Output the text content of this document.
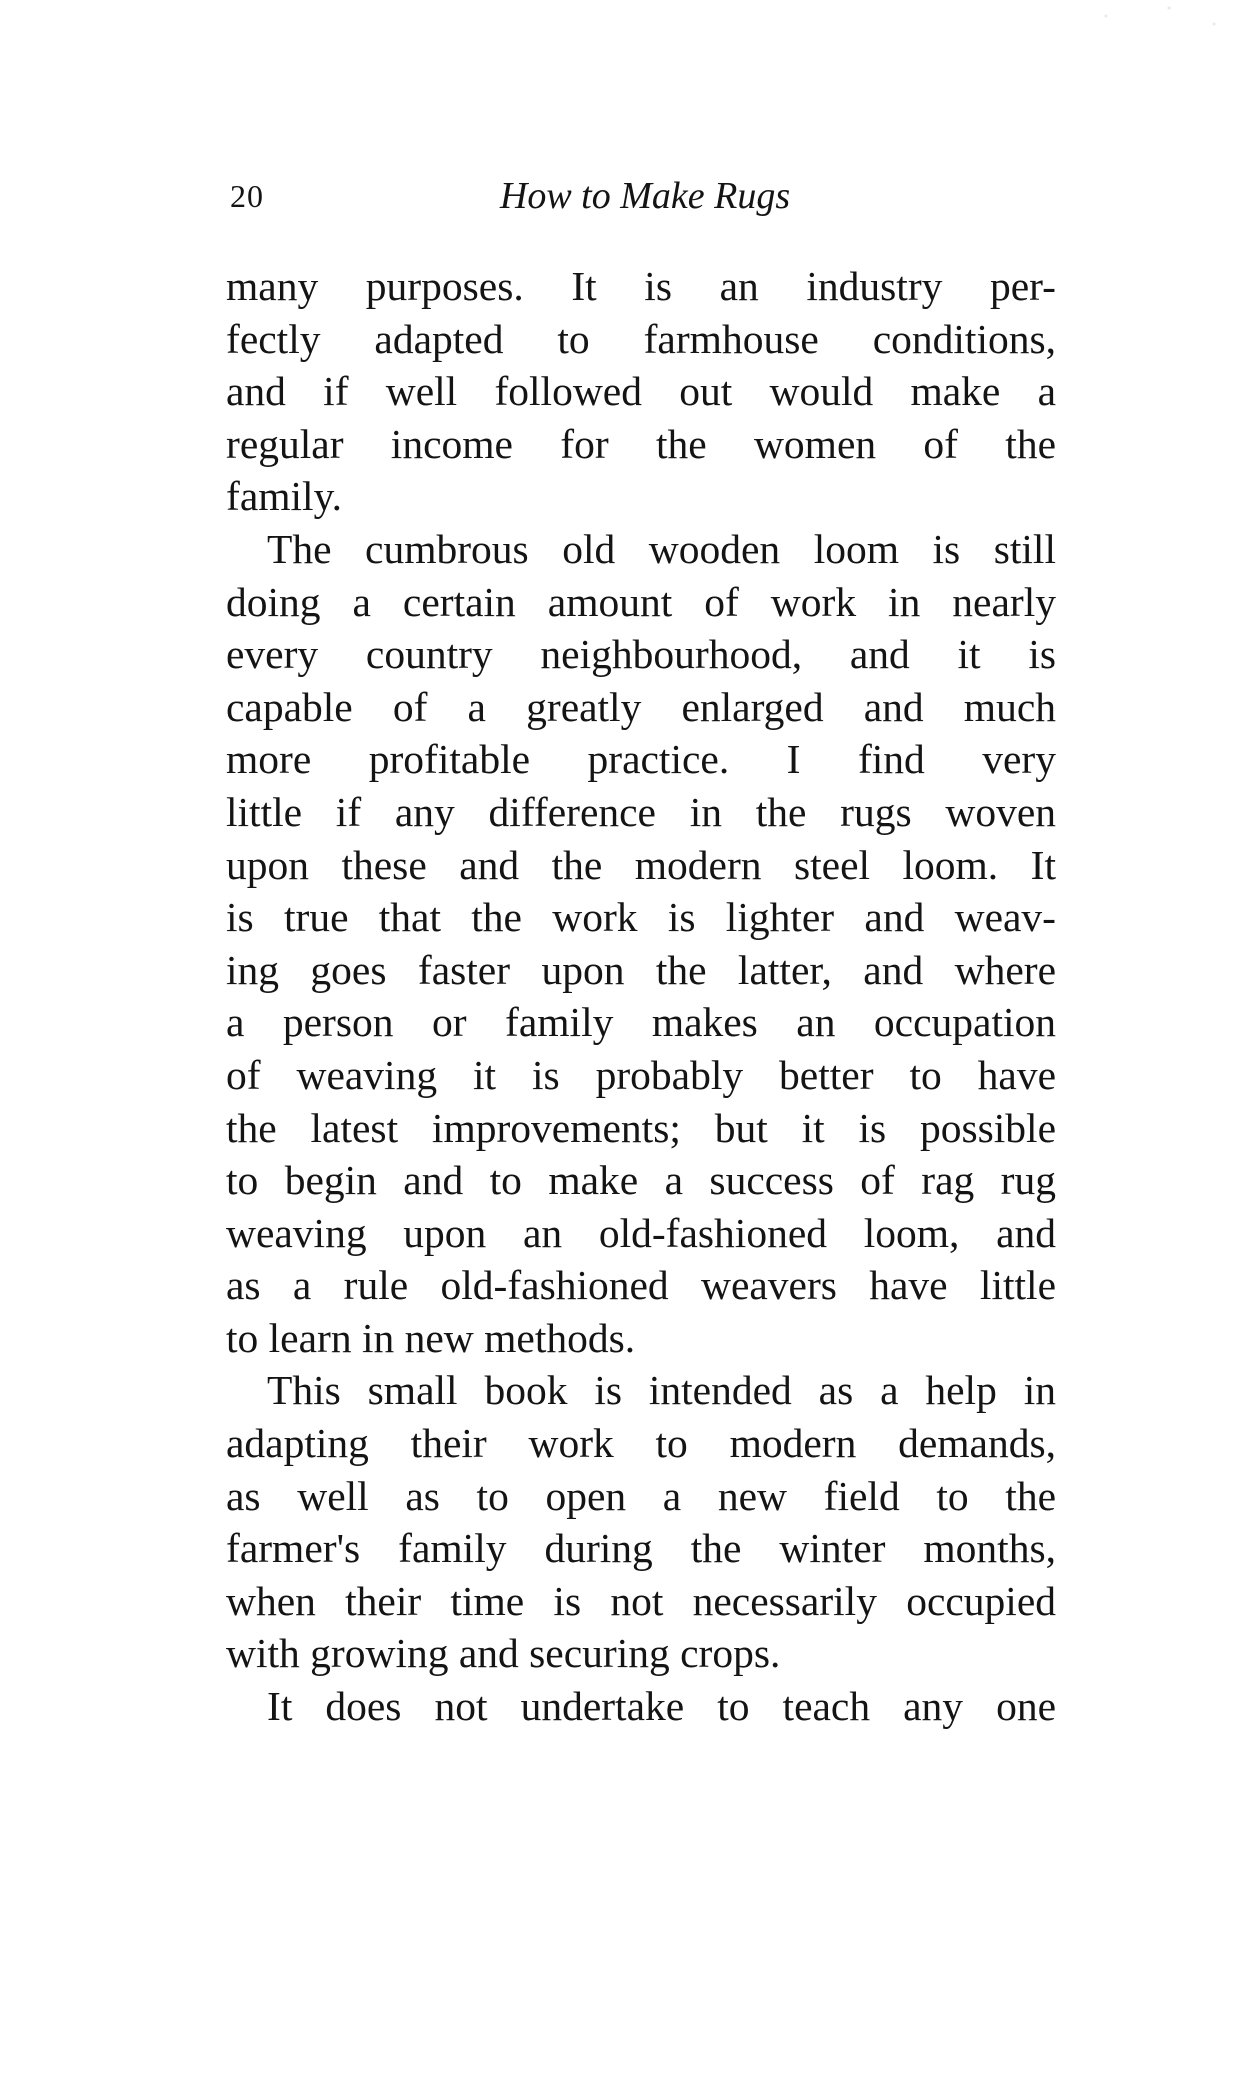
20	How to Make Rugs

many purposes. It is an industry per-

fectly adapted to farmhouse conditions,

and if well followed out would make a

regular income for the women of the

family.

The cumbrous old wooden loom is still

doing a certain amount of work in nearly

every country neighbourhood, and it is

capable of a greatly enlarged and much

more profitable practice. I find very

little if any difference in the rugs woven

upon these and the modern steel loom. It

is true that the work is lighter and weav-

ing goes faster upon the latter, and where

a person or family makes an occupation

of weaving it is probably better to have

the latest improvements; but it is possible

to begin and to make a success of rag rug

weaving upon an old-fashioned loom, and

as a rule old-fashioned weavers have little

to learn in new methods.

This small book is intended as a help in

adapting their work to modern demands,

as well as to open a new field to the

farmer's family during the winter months,

when their time is not necessarily occupied

with growing and securing crops.

It does not undertake to teach any one
